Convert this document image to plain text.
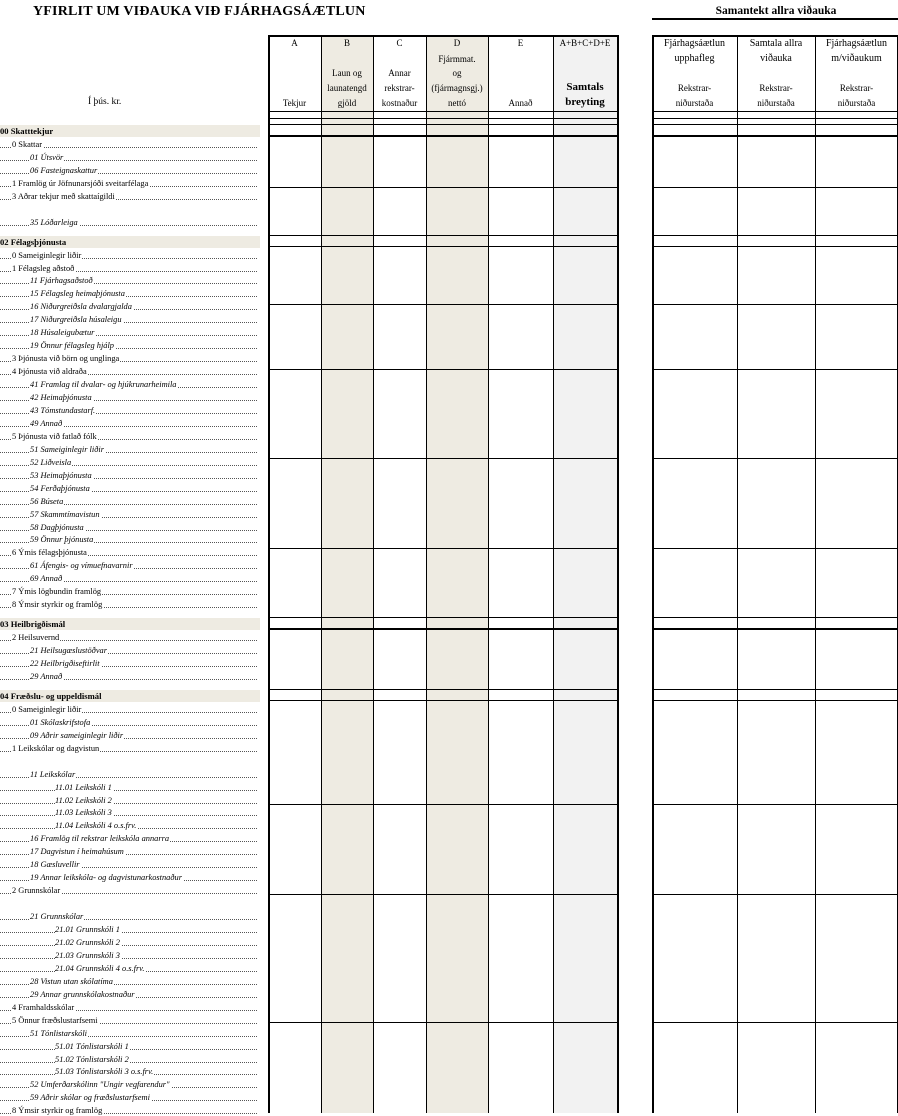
YFIRLIT UM VIÐAUKA VIÐ FJÁRHAGSÁÆTLUN	Samantekt allra viðauka
A
Tekjur
B
Laun og
launatengd
gjöld
C
Annar
rekstrar-
kostnaður
D
Fjármmat.
og
(fjármagnsgj.)
nettó
E
Annað
A+B+C+D+E
Samtals
breyting
Fjárhagsáætlun
upphafleg
Rekstrar-
niðurstaða
Samtala allra
viðauka
Rekstrar-
niðurstaða
Fjárhagsáætlun
m/viðaukum
Rekstrar-
niðurstaða
Í þús. kr.
00 Skatttekjur
0 Skattar
01 Útsvör
06 Fasteignaskattur
1 Framlög úr Jöfnunarsjóði sveitarfélaga
3 Aðrar tekjur með skattaígildi
35 Lóðarleiga
02 Félagsþjónusta
0 Sameiginlegir liðir
1 Félagsleg aðstoð
11 Fjárhagsaðstoð
15 Félagsleg heimaþjónusta
16 Niðurgreiðsla dvalargjalda
17 Niðurgreiðsla húsaleigu
18 Húsaleigubætur
19 Önnur félagsleg hjálp
3 Þjónusta við börn og unglinga
4 Þjónusta við aldraða
41 Framlag til dvalar- og hjúkrunarheimila
42 Heimaþjónusta
43 Tómstundastarf.
49 Annað
5 Þjónusta við fatlað fólk
51 Sameiginlegir liðir
52 Liðveisla
53 Heimaþjónusta
54 Ferðaþjónusta
56 Búseta
57 Skammtímavistun
58 Dagþjónusta
59 Önnur þjónusta
6 Ýmis félagsþjónusta
61 Áfengis- og vímuefnavarnir
69 Annað
7 Ýmis lögbundin framlög
8 Ýmsir styrkir og framlög
03 Heilbrigðismál
2 Heilsuvernd
21 Heilsugæslustöðvar
22 Heilbrigðiseftirlit
29 Annað
04 Fræðslu- og uppeldismál
0 Sameiginlegir liðir
01 Skólaskrifstofa
09 Aðrir sameiginlegir liðir
1 Leikskólar og dagvistun
11 Leikskólar
11.01 Leikskóli 1
11.02 Leikskóli 2
11.03 Leikskóli 3
11.04 Leikskóli 4 o.s.frv.
16 Framlög til rekstrar leikskóla annarra
17 Dagvistun í heimahúsum
18 Gæsluvellir
19 Annar leikskóla- og dagvistunarkostnaður
2 Grunnskólar
21 Grunnskólar
21.01 Grunnskóli 1
21.02 Grunnskóli 2
21.03 Grunnskóli 3
21.04 Grunnskóli 4 o.s.frv.
28 Vistun utan skólatíma
29 Annar grunnskólakostnaður
4 Framhaldsskólar
5 Önnur fræðslustarfsemi
51 Tónlistarskóli
51.01 Tónlistarskóli 1
51.02 Tónlistarskóli 2
51.03 Tónlistarskóli 3 o.s.frv.
52 Umferðarskólinn "Ungir vegfarendur"
59 Aðrir skólar og fræðslustarfsemi
8 Ýmsir styrkir og framlög
